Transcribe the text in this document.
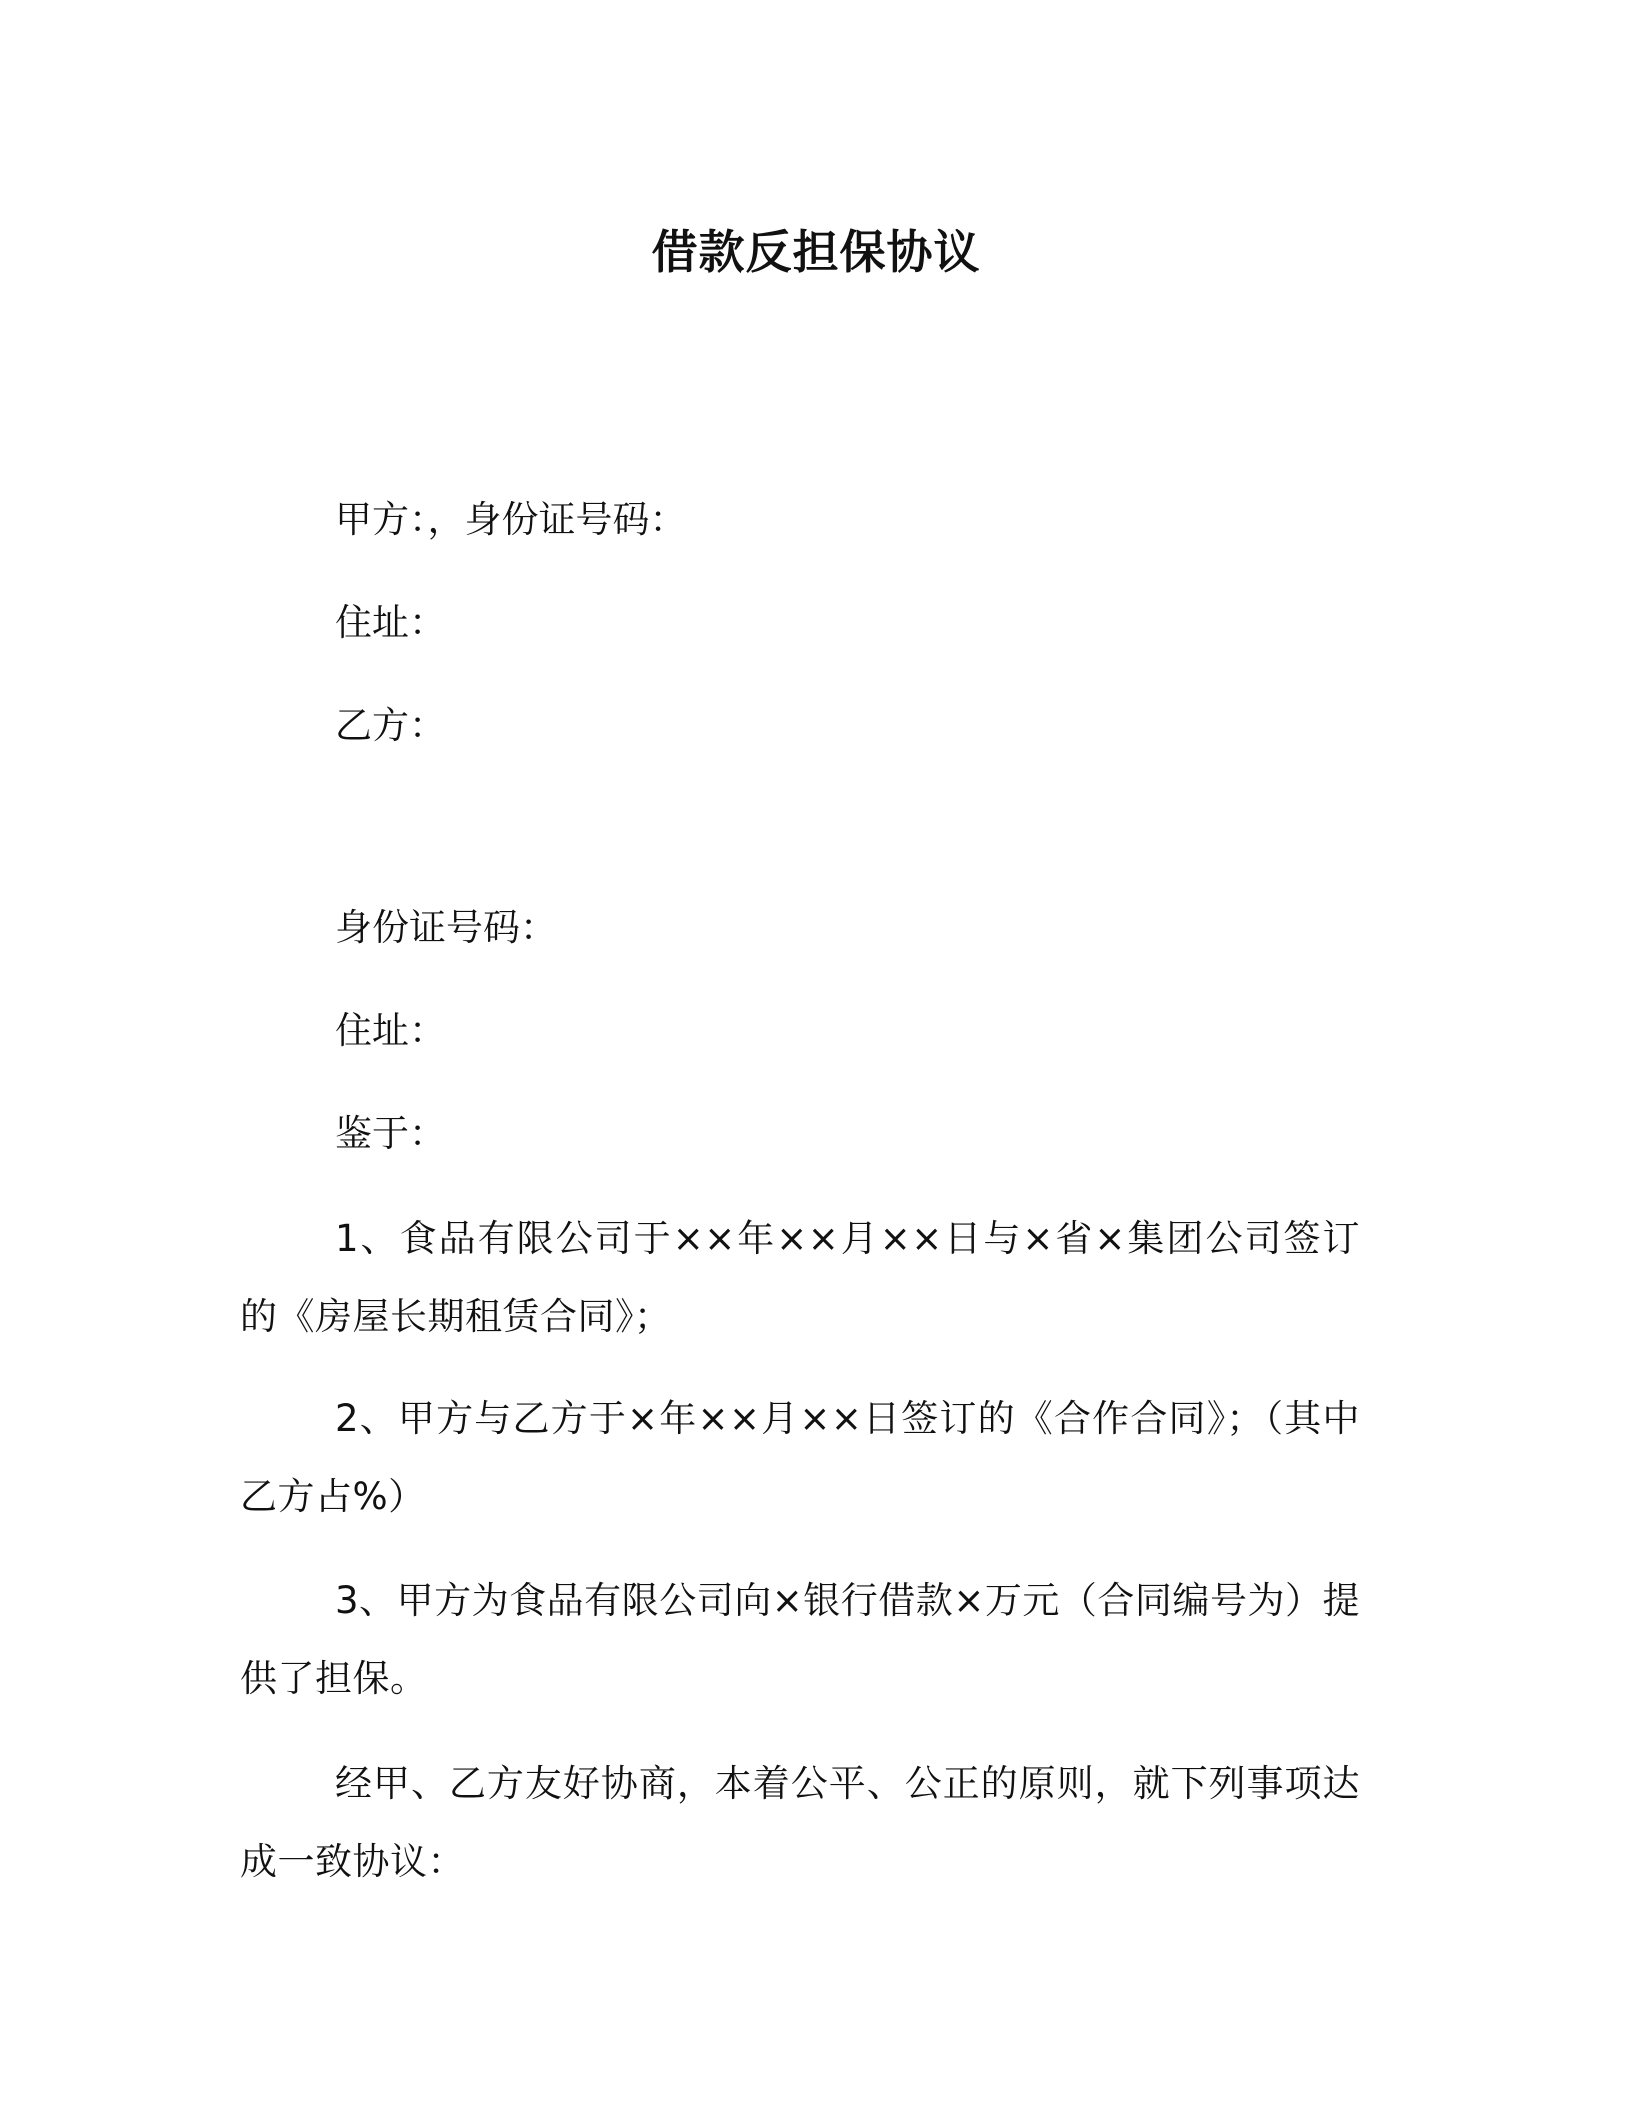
借款反担保协议
甲方：，身份证号码：
住址：
乙方：
身份证号码：
住址：
鉴于：
1、食品有限公司于××年××月××日与×省×集团公司签订的《房屋长期租赁合同》；
2、甲方与乙方于×年××月××日签订的《合作合同》；（其中乙方占%）
3、甲方为食品有限公司向×银行借款×万元（合同编号为）提供了担保。
经甲、乙方友好协商，本着公平、公正的原则，就下列事项达成一致协议：
